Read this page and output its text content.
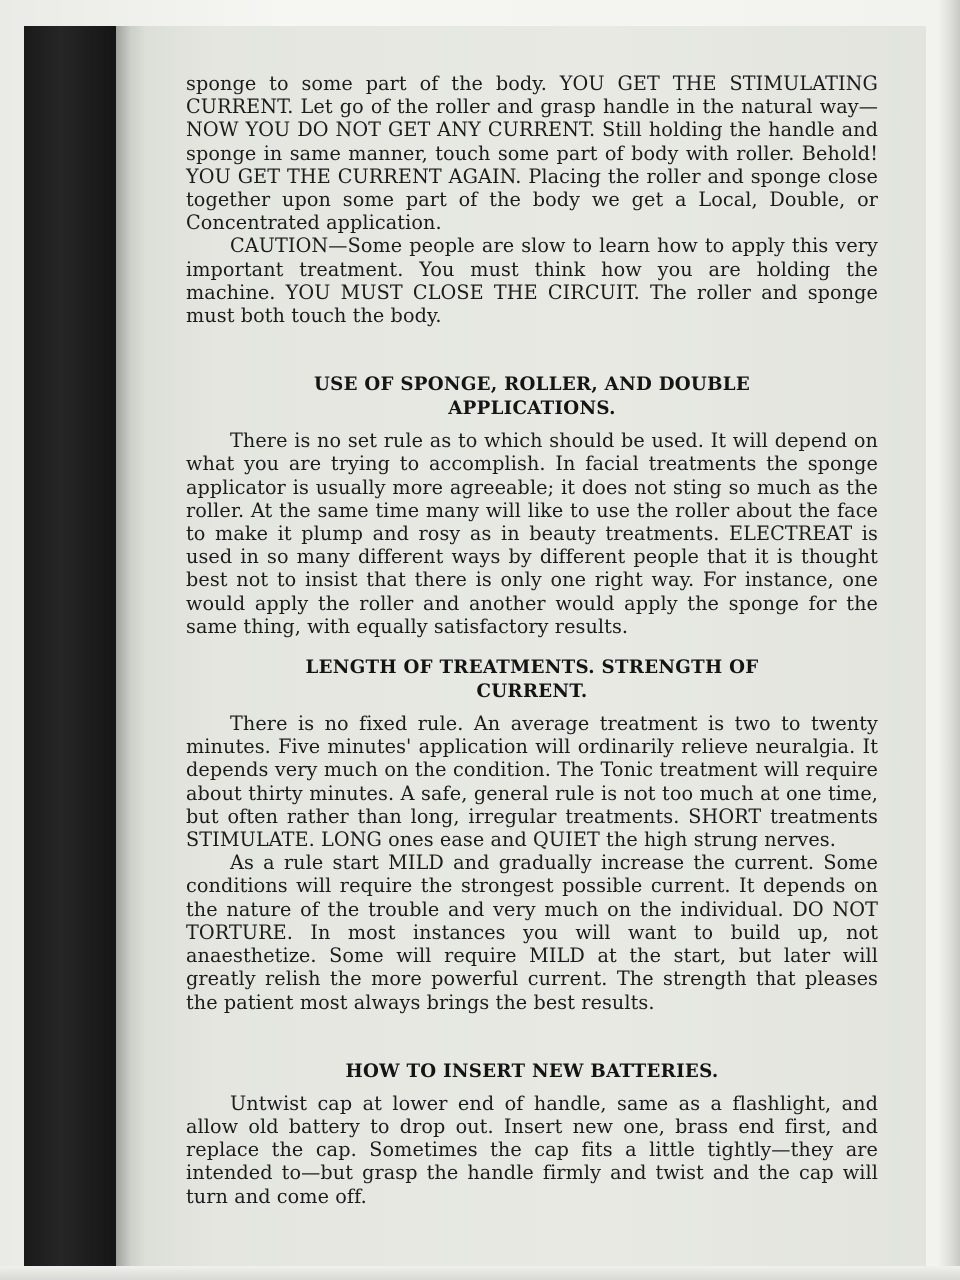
sponge to some part of the body. YOU GET THE STIMULATING CURRENT. Let go of the roller and grasp handle in the natural way—NOW YOU DO NOT GET ANY CURRENT. Still holding the handle and sponge in same manner, touch some part of body with roller. Behold! YOU GET THE CURRENT AGAIN. Placing the roller and sponge close together upon some part of the body we get a Local, Double, or Concentrated application.

CAUTION—Some people are slow to learn how to apply this very important treatment. You must think how you are holding the machine. YOU MUST CLOSE THE CIRCUIT. The roller and sponge must both touch the body.

USE OF SPONGE, ROLLER, AND DOUBLE APPLICATIONS.

There is no set rule as to which should be used. It will depend on what you are trying to accomplish. In facial treatments the sponge applicator is usually more agreeable; it does not sting so much as the roller. At the same time many will like to use the roller about the face to make it plump and rosy as in beauty treatments. ELECTREAT is used in so many different ways by different people that it is thought best not to insist that there is only one right way. For instance, one would apply the roller and another would apply the sponge for the same thing, with equally satisfactory results.

LENGTH OF TREATMENTS. STRENGTH OF CURRENT.

There is no fixed rule. An average treatment is two to twenty minutes. Five minutes' application will ordinarily relieve neuralgia. It depends very much on the condition. The Tonic treatment will require about thirty minutes. A safe, general rule is not too much at one time, but often rather than long, irregular treatments. SHORT treatments STIMULATE. LONG ones ease and QUIET the high strung nerves.

As a rule start MILD and gradually increase the current. Some conditions will require the strongest possible current. It depends on the nature of the trouble and very much on the individual. DO NOT TORTURE. In most instances you will want to build up, not anaesthetize. Some will require MILD at the start, but later will greatly relish the more powerful current. The strength that pleases the patient most always brings the best results.

HOW TO INSERT NEW BATTERIES.

Untwist cap at lower end of handle, same as a flashlight, and allow old battery to drop out. Insert new one, brass end first, and replace the cap. Sometimes the cap fits a little tightly—they are intended to—but grasp the handle firmly and twist and the cap will turn and come off.
